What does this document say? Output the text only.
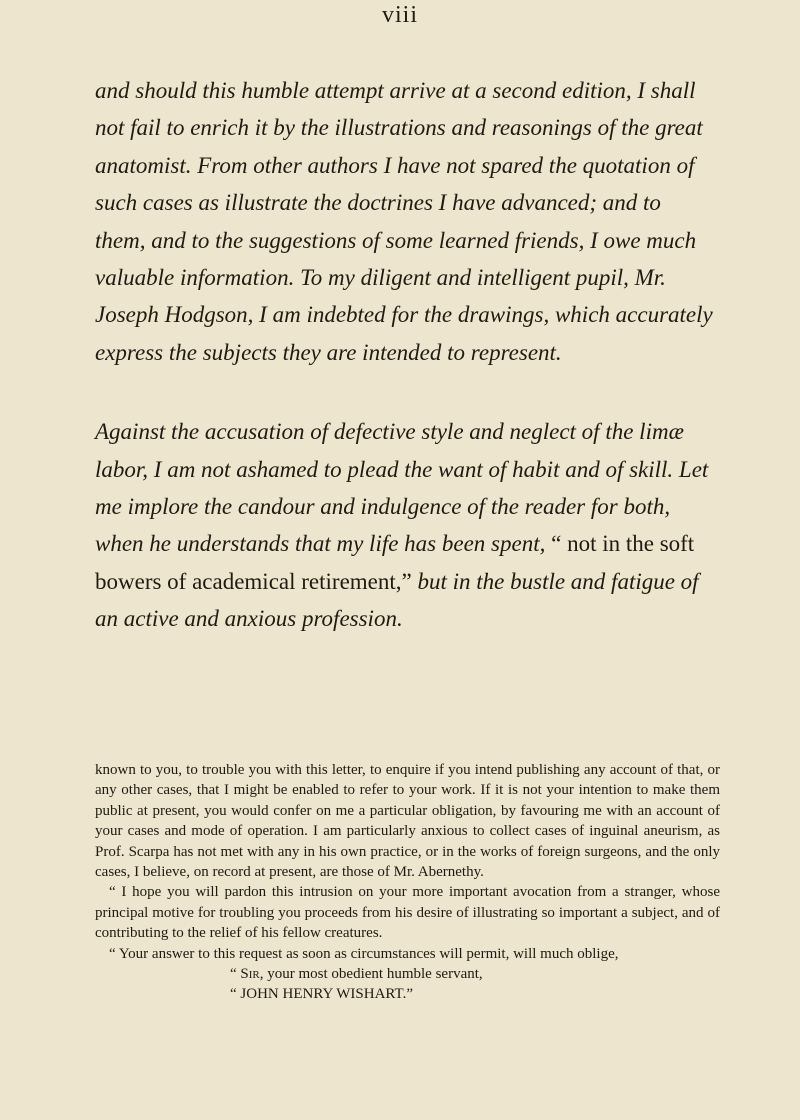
viii

and should this humble attempt arrive at a second edition, I shall not fail to enrich it by the illustrations and reasonings of the great anatomist. From other authors I have not spared the quotation of such cases as illustrate the doctrines I have advanced; and to them, and to the suggestions of some learned friends, I owe much valuable information. To my diligent and intelligent pupil, Mr. Joseph Hodgson, I am indebted for the drawings, which accurately express the subjects they are intended to represent.

Against the accusation of defective style and neglect of the limæ labor, I am not ashamed to plead the want of habit and of skill. Let me implore the candour and indulgence of the reader for both, when he understands that my life has been spent, “ not in the soft bowers of academical retirement,” but in the bustle and fatigue of an active and anxious profession.

known to you, to trouble you with this letter, to enquire if you intend publishing any account of that, or any other cases, that I might be enabled to refer to your work. If it is not your intention to make them public at present, you would confer on me a particular obligation, by favouring me with an account of your cases and mode of operation. I am particularly anxious to collect cases of inguinal aneurism, as Prof. Scarpa has not met with any in his own practice, or in the works of foreign surgeons, and the only cases, I believe, on record at present, are those of Mr. Abernethy.

“ I hope you will pardon this intrusion on your more important avocation from a stranger, whose principal motive for troubling you proceeds from his desire of illustrating so important a subject, and of contributing to the relief of his fellow creatures.

“ Your answer to this request as soon as circumstances will permit, will much oblige,

“ Sir, your most obedient humble servant,

“ JOHN HENRY WISHART.”
